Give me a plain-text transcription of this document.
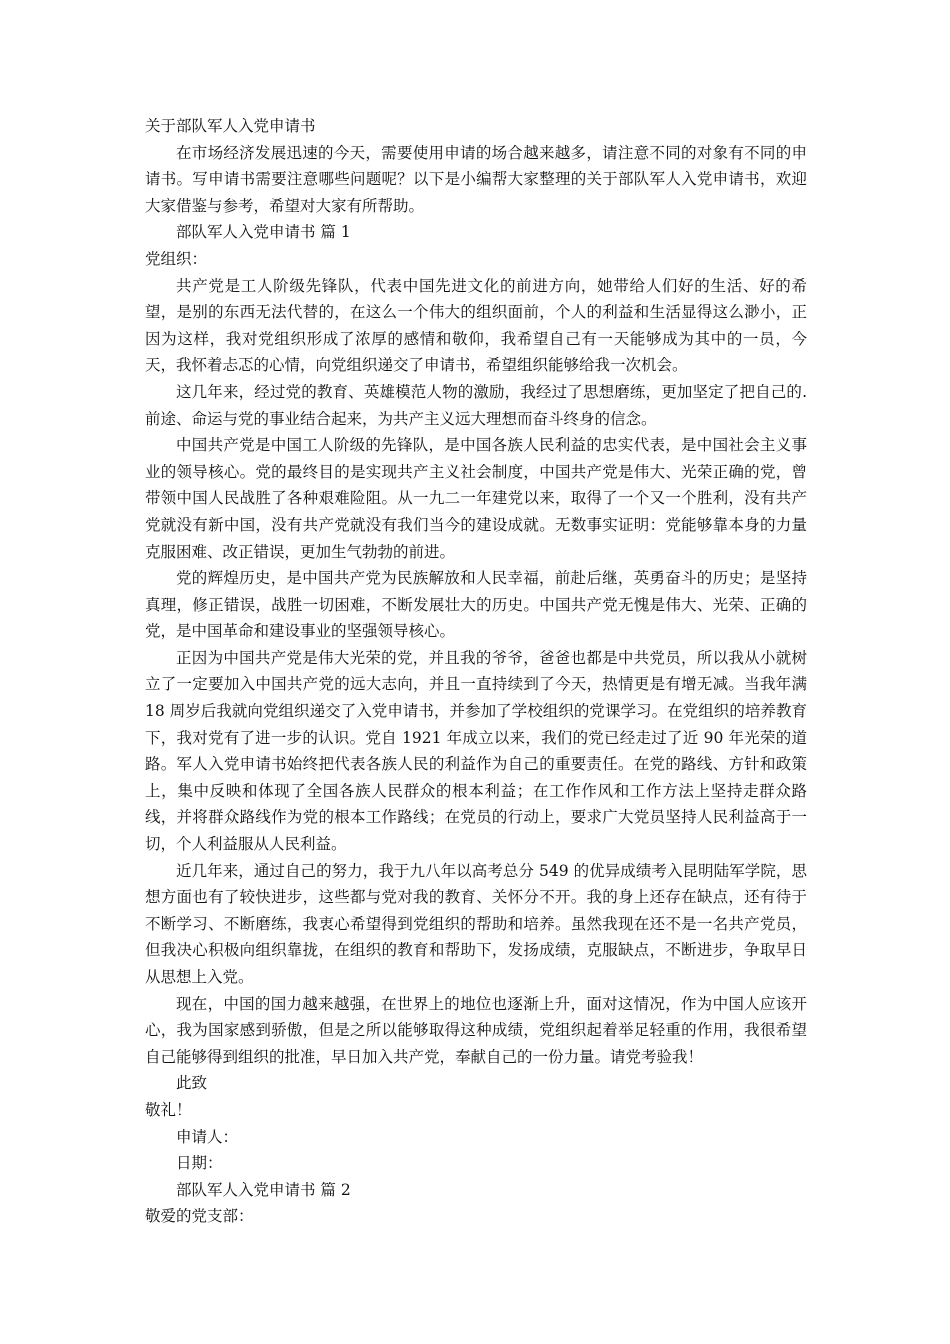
关于部队军人入党申请书

在市场经济发展迅速的今天，需要使用申请的场合越来越多，请注意不同的对象有不同的申请书。写申请书需要注意哪些问题呢？以下是小编帮大家整理的关于部队军人入党申请书，欢迎大家借鉴与参考，希望对大家有所帮助。

部队军人入党申请书 篇 1

党组织：

共产党是工人阶级先锋队，代表中国先进文化的前进方向，她带给人们好的生活、好的希望，是别的东西无法代替的，在这么一个伟大的组织面前，个人的利益和生活显得这么渺小，正因为这样，我对党组织形成了浓厚的感情和敬仰，我希望自己有一天能够成为其中的一员，今天，我怀着忐忑的心情，向党组织递交了申请书，希望组织能够给我一次机会。

这几年来，经过党的教育、英雄模范人物的激励，我经过了思想磨练，更加坚定了把自己的.前途、命运与党的事业结合起来，为共产主义远大理想而奋斗终身的信念。

中国共产党是中国工人阶级的先锋队，是中国各族人民利益的忠实代表，是中国社会主义事业的领导核心。党的最终目的是实现共产主义社会制度，中国共产党是伟大、光荣正确的党，曾带领中国人民战胜了各种艰难险阻。从一九二一年建党以来，取得了一个又一个胜利，没有共产党就没有新中国，没有共产党就没有我们当今的建设成就。无数事实证明：党能够靠本身的力量克服困难、改正错误，更加生气勃勃的前进。

党的辉煌历史，是中国共产党为民族解放和人民幸福，前赴后继，英勇奋斗的历史；是坚持真理，修正错误，战胜一切困难，不断发展壮大的历史。中国共产党无愧是伟大、光荣、正确的党，是中国革命和建设事业的坚强领导核心。

正因为中国共产党是伟大光荣的党，并且我的爷爷，爸爸也都是中共党员，所以我从小就树立了一定要加入中国共产党的远大志向，并且一直持续到了今天，热情更是有增无减。当我年满 18 周岁后我就向党组织递交了入党申请书，并参加了学校组织的党课学习。在党组织的培养教育下，我对党有了进一步的认识。党自 1921 年成立以来，我们的党已经走过了近 90 年光荣的道路。军人入党申请书始终把代表各族人民的利益作为自己的重要责任。在党的路线、方针和政策上，集中反映和体现了全国各族人民群众的根本利益；在工作作风和工作方法上坚持走群众路线，并将群众路线作为党的根本工作路线；在党员的行动上，要求广大党员坚持人民利益高于一切，个人利益服从人民利益。

近几年来，通过自己的努力，我于九八年以高考总分 549 的优异成绩考入昆明陆军学院，思想方面也有了较快进步，这些都与党对我的教育、关怀分不开。我的身上还存在缺点，还有待于不断学习、不断磨练，我衷心希望得到党组织的帮助和培养。虽然我现在还不是一名共产党员，但我决心积极向组织靠拢，在组织的教育和帮助下，发扬成绩，克服缺点，不断进步，争取早日从思想上入党。

现在，中国的国力越来越强，在世界上的地位也逐渐上升，面对这情况，作为中国人应该开心，我为国家感到骄傲，但是之所以能够取得这种成绩，党组织起着举足轻重的作用，我很希望自己能够得到组织的批准，早日加入共产党，奉献自己的一份力量。请党考验我！

此致

敬礼！

申请人：

日期：

部队军人入党申请书 篇 2

敬爱的党支部：
